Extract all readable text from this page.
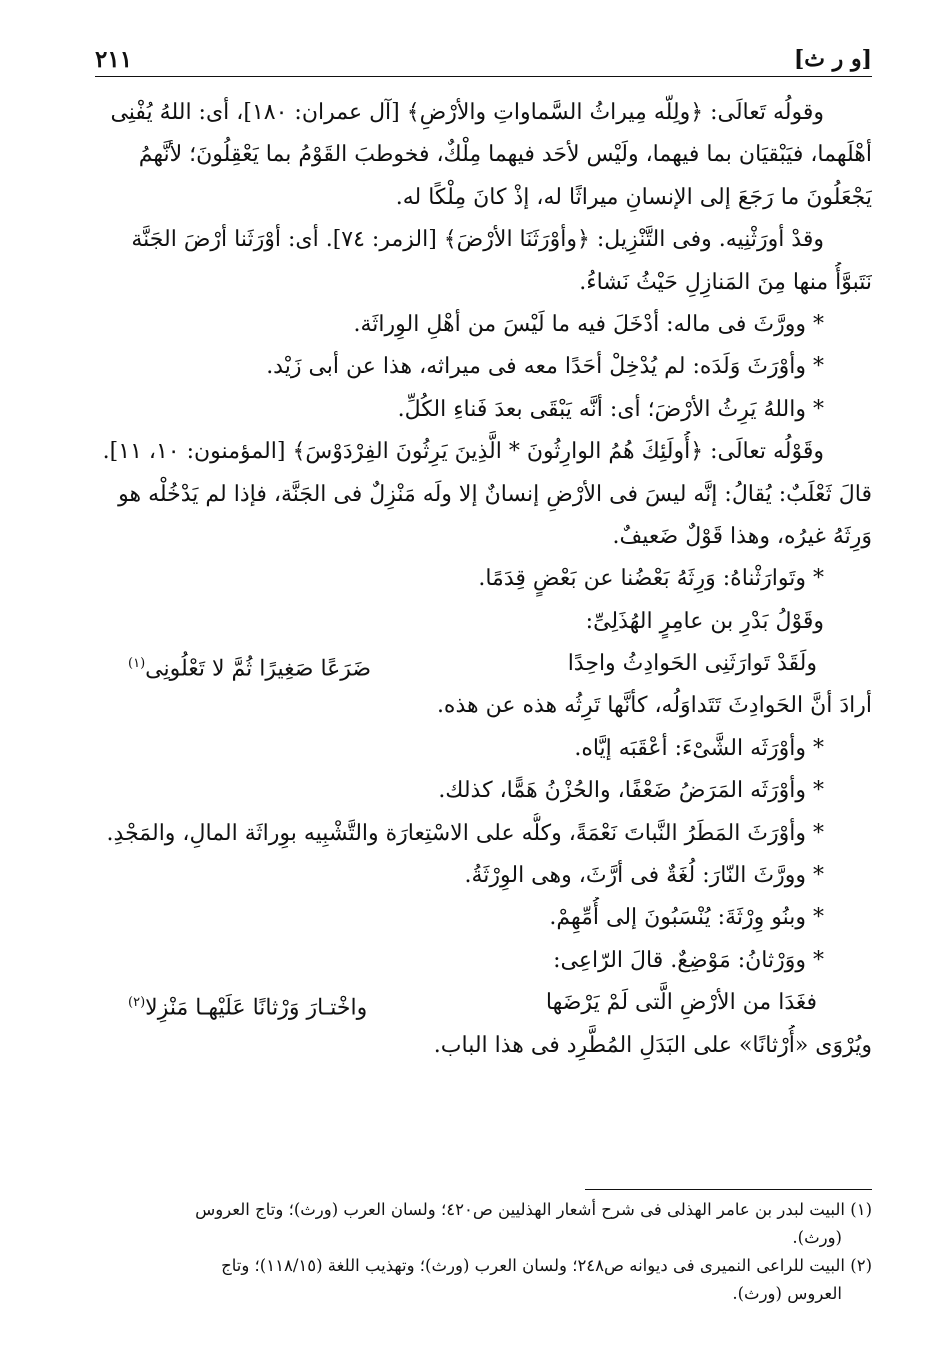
٢١١	[و ر ث]

وقولُه تَعالَى: ﴿ولِلّه مِيراثُ السَّماواتِ والأرْضِ﴾ [آل عمران: ١٨٠]، أى: اللهُ يُفْنِى

أهْلَهما، فيَبْقيَان بما فيهما، ولَيْس لأحَد فيهما مِلْكٌ، فخوطبَ القَوْمُ بما يَعْقِلُونَ؛ لأنَّهمُ

يَجْعَلُونَ ما رَجَعَ إلى الإنسانِ ميراثًا له، إذْ كانَ مِلْكًا له.

وقدْ أورَثْنِيه. وفى التَّنْزِيل: ﴿وأوْرَثَنَا الأرْضَ﴾ [الزمر: ٧٤]. أى: أوْرَثَنا أرْضَ الجَنَّة

نَتَبوَّأُ منها مِنَ المَنازِلِ حَيْثُ نَشاءُ.

* وورَّثَ فى ماله: أدْخَلَ فيه ما لَيْسَ من أهْلِ الوِراثَة.

* وأوْرَثَ وَلَدَه: لم يُدْخِلْ أحَدًا معه فى ميراثه، هذا عن أبى زَيْد.

* واللهُ يَرِثُ الأرْضَ؛ أى: أنَّه يَبْقَى بعدَ فَناءِ الكُلِّ.

وقَوْلُه تعالَى: ﴿أُولَئِكَ هُمُ الوارِثُونَ * الَّذِينَ يَرِثُونَ الفِرْدَوْسَ﴾ [المؤمنون: ١٠، ١١].

قالَ ثَعْلَبٌ: يُقالُ: إنَّه ليسَ فى الأرْضِ إنسانٌ إلا ولَه مَنْزِلٌ فى الجَنَّة، فإذا لم يَدْخُلْه هو

وَرِثَهُ غيرُه، وهذا قَوْلٌ ضَعيفٌ.

* وتَوارَثْناهُ: وَرِثَهُ بَعْضُنا عن بَعْضٍ قِدَمًا.

وقَوْلُ بَدْرِ بن عامِرٍ الهُذَلِىِّ:

ولَقَدْ تَوارَثَنِى الحَوادِثُ واحِدًا
ضَرَعًا صَغِيرًا ثُمَّ لا تَعْلُونِى$^{(١)}$

أرادَ أنَّ الحَوادِثَ تَتَداوَلُه، كأنَّها تَرِثُه هذه عن هذه.

* وأوْرَثَه الشَّىْءَ: أعْقَبَه إيَّاه.

* وأوْرَثَه المَرَضُ ضَعْفًا، والحُزْنُ هَمًّا، كذلك.

* وأوْرَثَ المَطَرُ النَّباتَ نَعْمَةً، وكلُّه على الاسْتِعارَة والتَّشْبِيه بوِراثَة المالِ، والمَجْدِ.

* وورَّثَ النّارَ: لُغَةٌ فى أرَّثَ، وهى الوِرْثَةُ.

* وبنُو وِرْثَةَ: يُنْسَبُونَ إلى أُمِّهِمْ.

* ووَرْثانُ: مَوْضِعٌ. قالَ الرّاعِى:

فغَدَا من الأرْضِ الَّتى لَمْ يَرْضَها
واخْتـارَ وَرْثانًا عَلَيْهـا مَنْزِلا$^{(٢)}$

ويُرْوَى «أُرْثانًا» على البَدَلِ المُطَّرِد فى هذا الباب.

(١) البيت لبدر بن عامر الهذلى فى شرح أشعار الهذليين ص٤٢٠؛ ولسان العرب (ورث)؛ وتاج العروس

(ورث).

(٢) البيت للراعى النميرى فى ديوانه ص٢٤٨؛ ولسان العرب (ورث)؛ وتهذيب اللغة (١١٨/١٥)؛ وتاج

العروس (ورث).
